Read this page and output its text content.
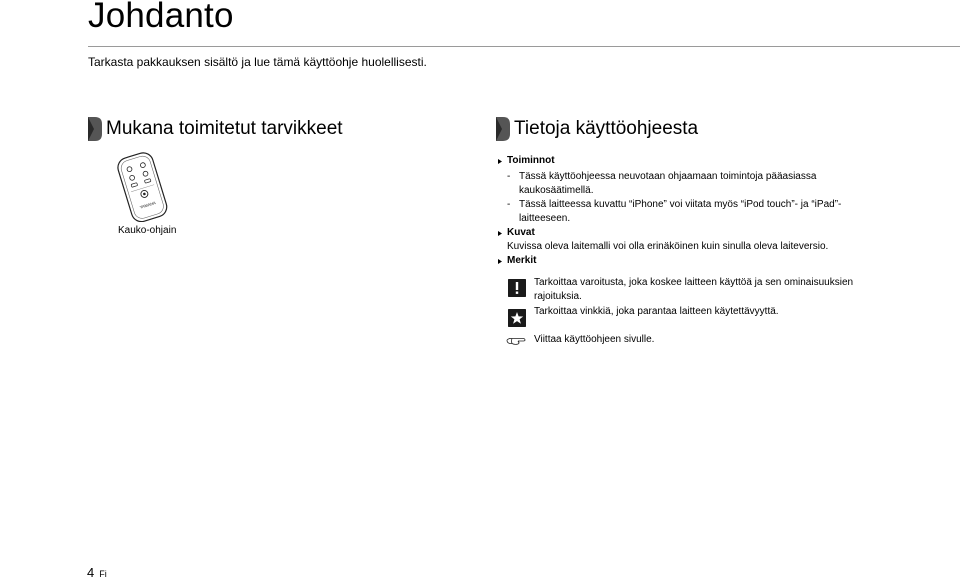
Johdanto
Tarkasta pakkauksen sisältö ja lue tämä käyttöohje huolellisesti.
Mukana toimitetut tarvikkeet
YAMAHA
Kauko-ohjain
Tietoja käyttöohjeesta
Toiminnot
- Tässä käyttöohjeessa neuvotaan ohjaamaan toimintoja pääasiassa kaukosäätimellä.
- Tässä laitteessa kuvattu “iPhone” voi viitata myös “iPod touch”- ja “iPad”-laitteeseen.
Kuvat
Kuvissa oleva laitemalli voi olla erinäköinen kuin sinulla oleva laiteversio.
Merkit
Tarkoittaa varoitusta, joka koskee laitteen käyttöä ja sen ominaisuuksien rajoituksia.
Tarkoittaa vinkkiä, joka parantaa laitteen käytettävyyttä.
Viittaa käyttöohjeen sivulle.
4 Fi
